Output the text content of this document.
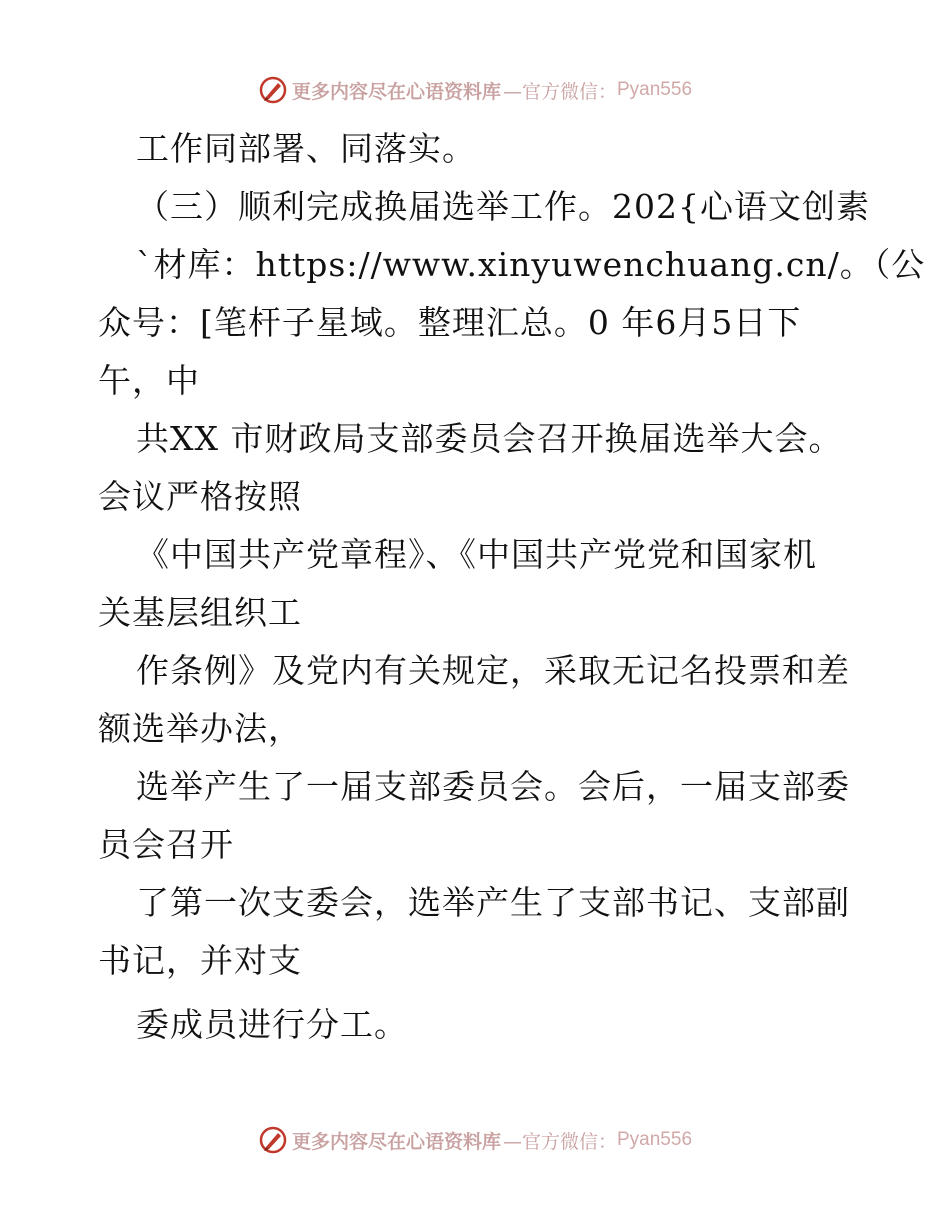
更多内容尽在心语资料库 —官方微信： Pyan556
工作同部署、同落实。
（三）顺利完成换届选举工作。202{心语文创素
`材库：https://www.xinyuwenchuang.cn/。（公
众号：[笔杆子星域。整理汇总。0 年6月5日下
午，中
共XX 市财政局支部委员会召开换届选举大会。
会议严格按照
《中国共产党章程》、《中国共产党党和国家机
关基层组织工
作条例》及党内有关规定，采取无记名投票和差
额选举办法，
选举产生了一届支部委员会。会后，一届支部委
员会召开
了第一次支委会，选举产生了支部书记、支部副
书记，并对支
委成员进行分工。
更多内容尽在心语资料库 —官方微信： Pyan556
